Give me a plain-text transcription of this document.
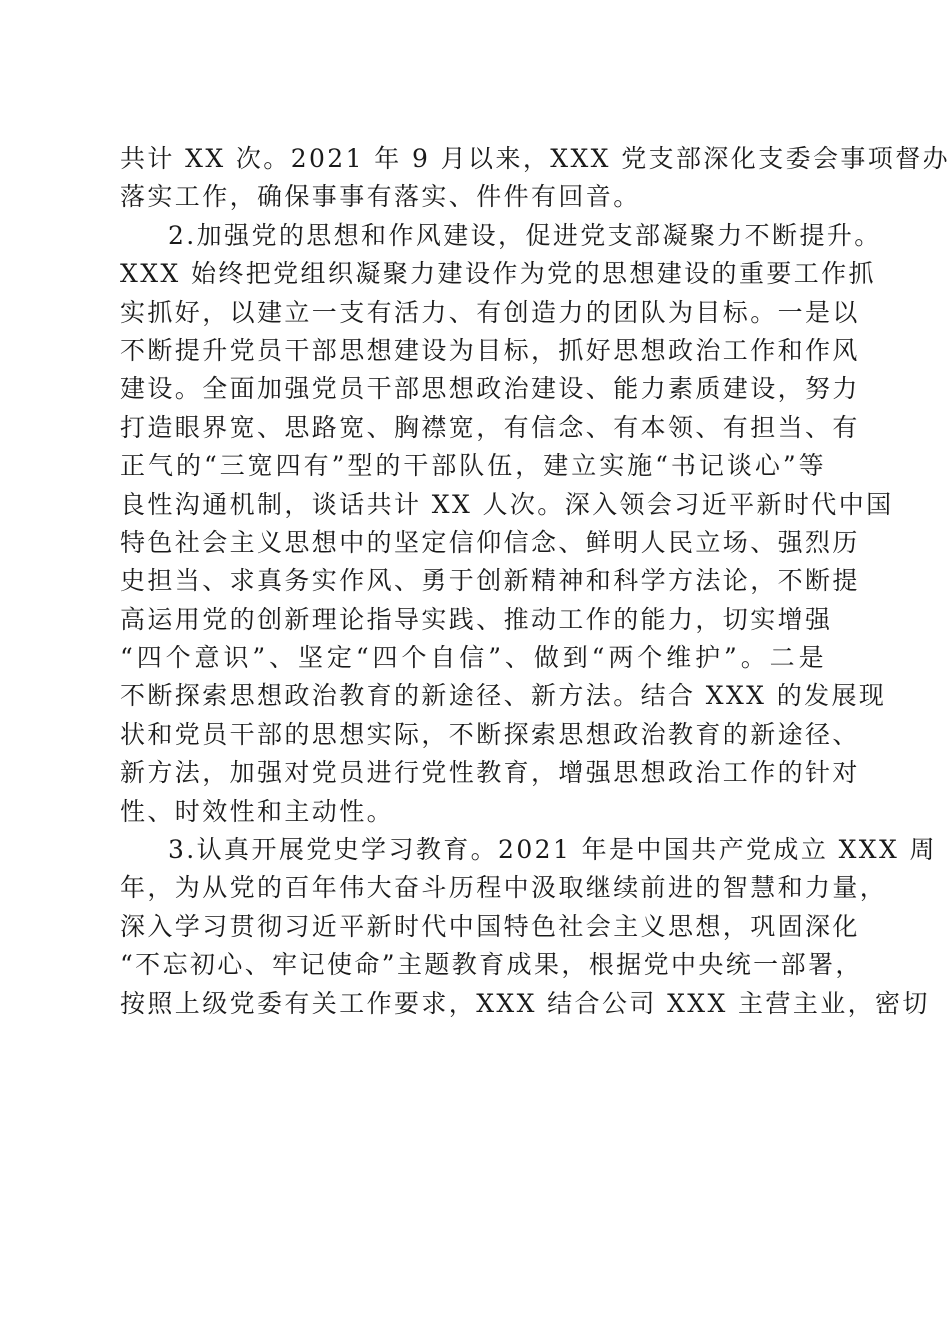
共计 XX 次。2021 年 9 月以来，XXX 党支部深化支委会事项督办
落实工作，确保事事有落实、件件有回音。
2.加强党的思想和作风建设，促进党支部凝聚力不断提升。
XXX 始终把党组织凝聚力建设作为党的思想建设的重要工作抓
实抓好，以建立一支有活力、有创造力的团队为目标。一是以
不断提升党员干部思想建设为目标，抓好思想政治工作和作风
建设。全面加强党员干部思想政治建设、能力素质建设，努力
打造眼界宽、思路宽、胸襟宽，有信念、有本领、有担当、有
正气的“三宽四有”型的干部队伍，建立实施“书记谈心”等
良性沟通机制，谈话共计 XX 人次。深入领会习近平新时代中国
特色社会主义思想中的坚定信仰信念、鲜明人民立场、强烈历
史担当、求真务实作风、勇于创新精神和科学方法论，不断提
高运用党的创新理论指导实践、推动工作的能力，切实增强
“四个意识”、坚定“四个自信”、做到“两个维护”。二是
不断探索思想政治教育的新途径、新方法。结合 XXX 的发展现
状和党员干部的思想实际，不断探索思想政治教育的新途径、
新方法，加强对党员进行党性教育，增强思想政治工作的针对
性、时效性和主动性。
3.认真开展党史学习教育。2021 年是中国共产党成立 XXX 周
年，为从党的百年伟大奋斗历程中汲取继续前进的智慧和力量，
深入学习贯彻习近平新时代中国特色社会主义思想，巩固深化
“不忘初心、牢记使命”主题教育成果，根据党中央统一部署，
按照上级党委有关工作要求，XXX 结合公司 XXX 主营主业，密切
